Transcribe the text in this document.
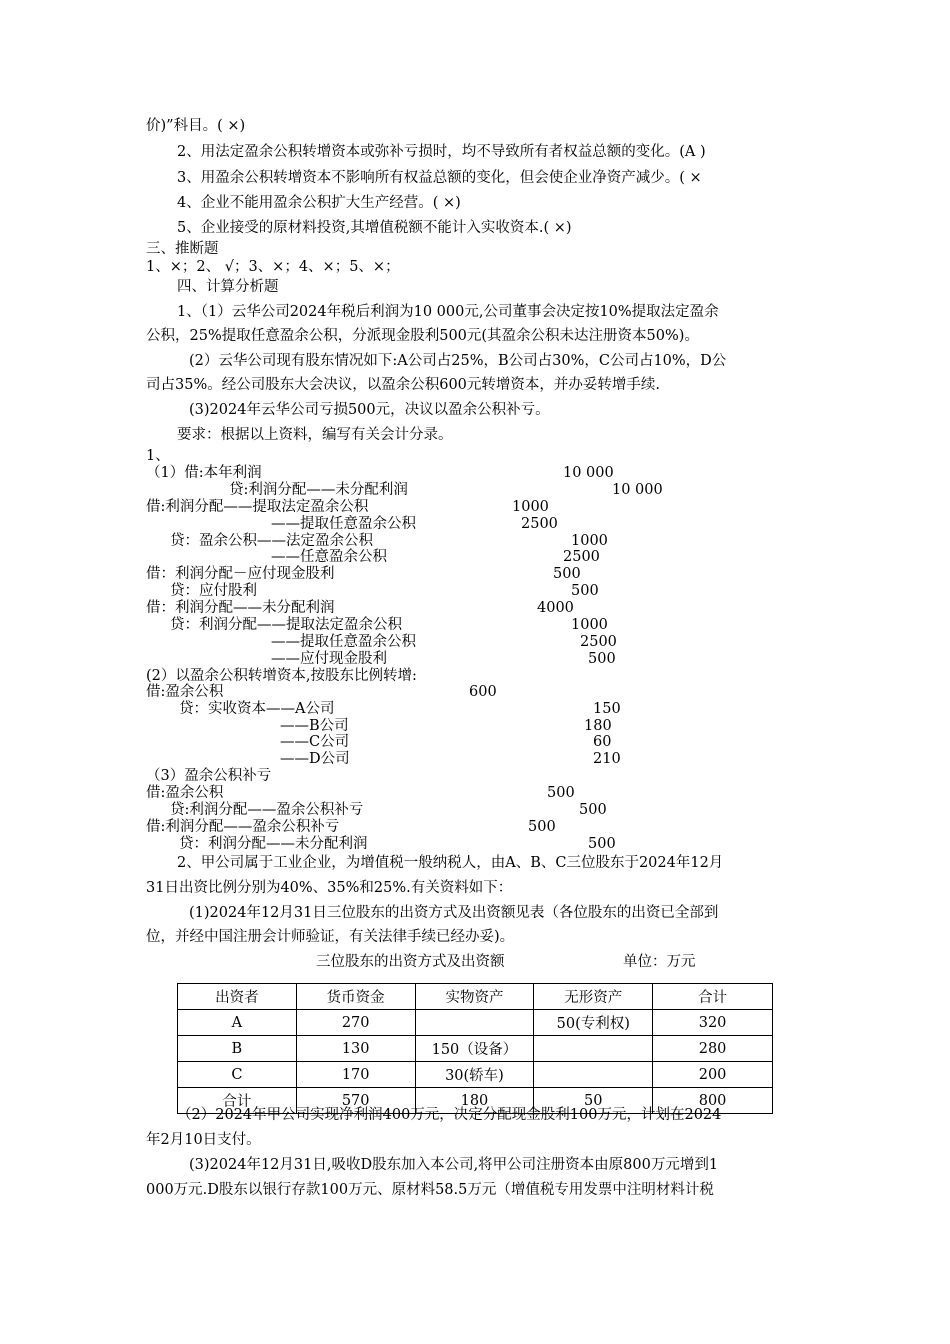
价)”科目。( ×)
2、用法定盈余公积转增资本或弥补亏损时，均不导致所有者权益总额的变化。(A )
3、用盈余公积转增资本不影响所有权益总额的变化，但会使企业净资产减少。( ×
4、企业不能用盈余公积扩大生产经营。( ×)
5、企业接受的原材料投资,其增值税额不能计入实收资本.( ×)
三、推断题
1、×；2、 √；3、×；4、×；5、×；
四、计算分析题
1、（1）云华公司2024年税后利润为10 000元,公司董事会决定按10%提取法定盈余
公积，25%提取任意盈余公积，分派现金股利500元(其盈余公积未达注册资本50%)。
(2）云华公司现有股东情况如下:A公司占25%，B公司占30%，C公司占10%，D公
司占35%。经公司股东大会决议，以盈余公积600元转增资本，并办妥转增手续.
(3)2024年云华公司亏损500元，决议以盈余公积补亏。
要求：根据以上资料，编写有关会计分录。
1、
（1）借:本年利润	10 000
贷:利润分配——未分配利润	10 000
借:利润分配——提取法定盈余公积	1000
——提取任意盈余公积	2500
贷：盈余公积——法定盈余公积	1000
——任意盈余公积	2500
借：利润分配－应付现金股利	500
贷：应付股利	500
借：利润分配——未分配利润	4000
贷：利润分配——提取法定盈余公积	1000
——提取任意盈余公积	2500
——应付现金股利	500
(2）以盈余公积转增资本,按股东比例转增:
借:盈余公积	600
贷：实收资本——A公司	150
——B公司	180
——C公司	60
——D公司	210
（3）盈余公积补亏
借:盈余公积	500
贷:利润分配——盈余公积补亏	500
借:利润分配——盈余公积补亏	500
贷：利润分配——未分配利润	500
2、甲公司属于工业企业，为增值税一般纳税人，由A、B、C三位股东于2024年12月
31日出资比例分别为40%、35%和25%.有关资料如下：
(1)2024年12月31日三位股东的出资方式及出资额见表（各位股东的出资已全部到
位，并经中国注册会计师验证，有关法律手续已经办妥)。
三位股东的出资方式及出资额	单位：万元
（2）2024年甲公司实现净利润400万元，决定分配现金股利100万元，计划在2024
年2月10日支付。
(3)2024年12月31日,吸收D股东加入本公司,将甲公司注册资本由原800万元增到1
000万元.D股东以银行存款100万元、原材料58.5万元（增值税专用发票中注明材料计税
出资者	货币资金	实物资产	无形资产	合计
A	270		50(专利权)	320
B	130	150（设备）		280
C	170	30(轿车)		200
合计	570	180	50	800
